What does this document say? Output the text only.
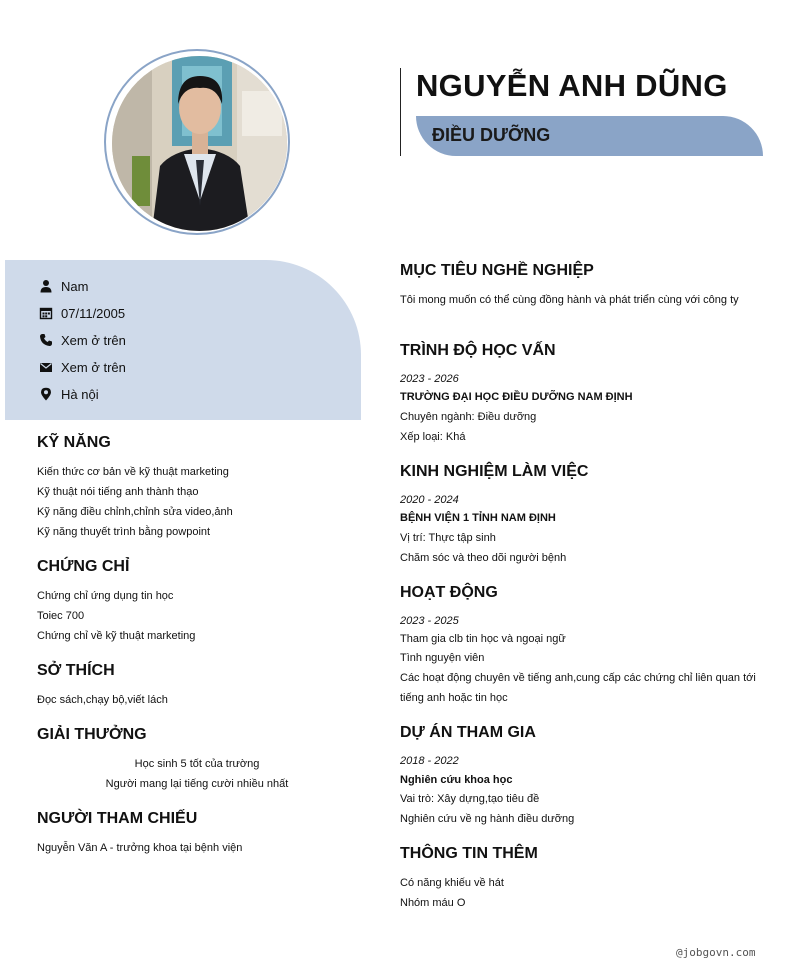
NGUYỄN ANH DŨNG
ĐIỀU DƯỠNG
Nam
07/11/2005
Xem ở trên
Xem ở trên
Hà nội
KỸ NĂNG
Kiến thức cơ bản về kỹ thuật marketing
Kỹ thuật nói tiếng anh thành thạo
Kỹ năng điều chỉnh,chỉnh sửa video,ảnh
Kỹ năng thuyết trình bằng powpoint
CHỨNG CHỈ
Chứng chỉ ứng dụng tin học
Toiec 700
Chứng chỉ về kỹ thuật marketing
SỞ THÍCH
Đọc sách,chạy bộ,viết lách
GIẢI THƯỞNG
Học sinh 5 tốt của trường
Người mang lại tiếng cười nhiều nhất
NGƯỜI THAM CHIẾU
Nguyễn Văn A - trưởng khoa tại bệnh viện
MỤC TIÊU NGHỀ NGHIỆP
Tôi mong muốn có thể cùng đồng hành và phát triển cùng với công ty
TRÌNH ĐỘ HỌC VẤN
2023 - 2026
TRƯỜNG ĐẠI HỌC ĐIỀU DƯỠNG NAM ĐỊNH
Chuyên ngành: Điều dưỡng
Xếp loại: Khá
KINH NGHIỆM LÀM VIỆC
2020 - 2024
BỆNH VIỆN 1 TỈNH NAM ĐỊNH
Vị trí: Thực tập sinh
Chăm sóc và theo dõi người bệnh
HOẠT ĐỘNG
2023 - 2025
Tham gia clb tin học và ngoại ngữ
Tình nguyện viên
Các hoạt động chuyên về tiếng anh,cung cấp các chứng chỉ liên quan tới tiếng anh hoặc tin học
DỰ ÁN THAM GIA
2018 - 2022
Nghiên cứu khoa học
Vai trò: Xây dựng,tạo tiêu đề
Nghiên cứu về ng hành điều dưỡng
THÔNG TIN THÊM
Có năng khiếu về hát
Nhóm máu O
@jobgovn.com
